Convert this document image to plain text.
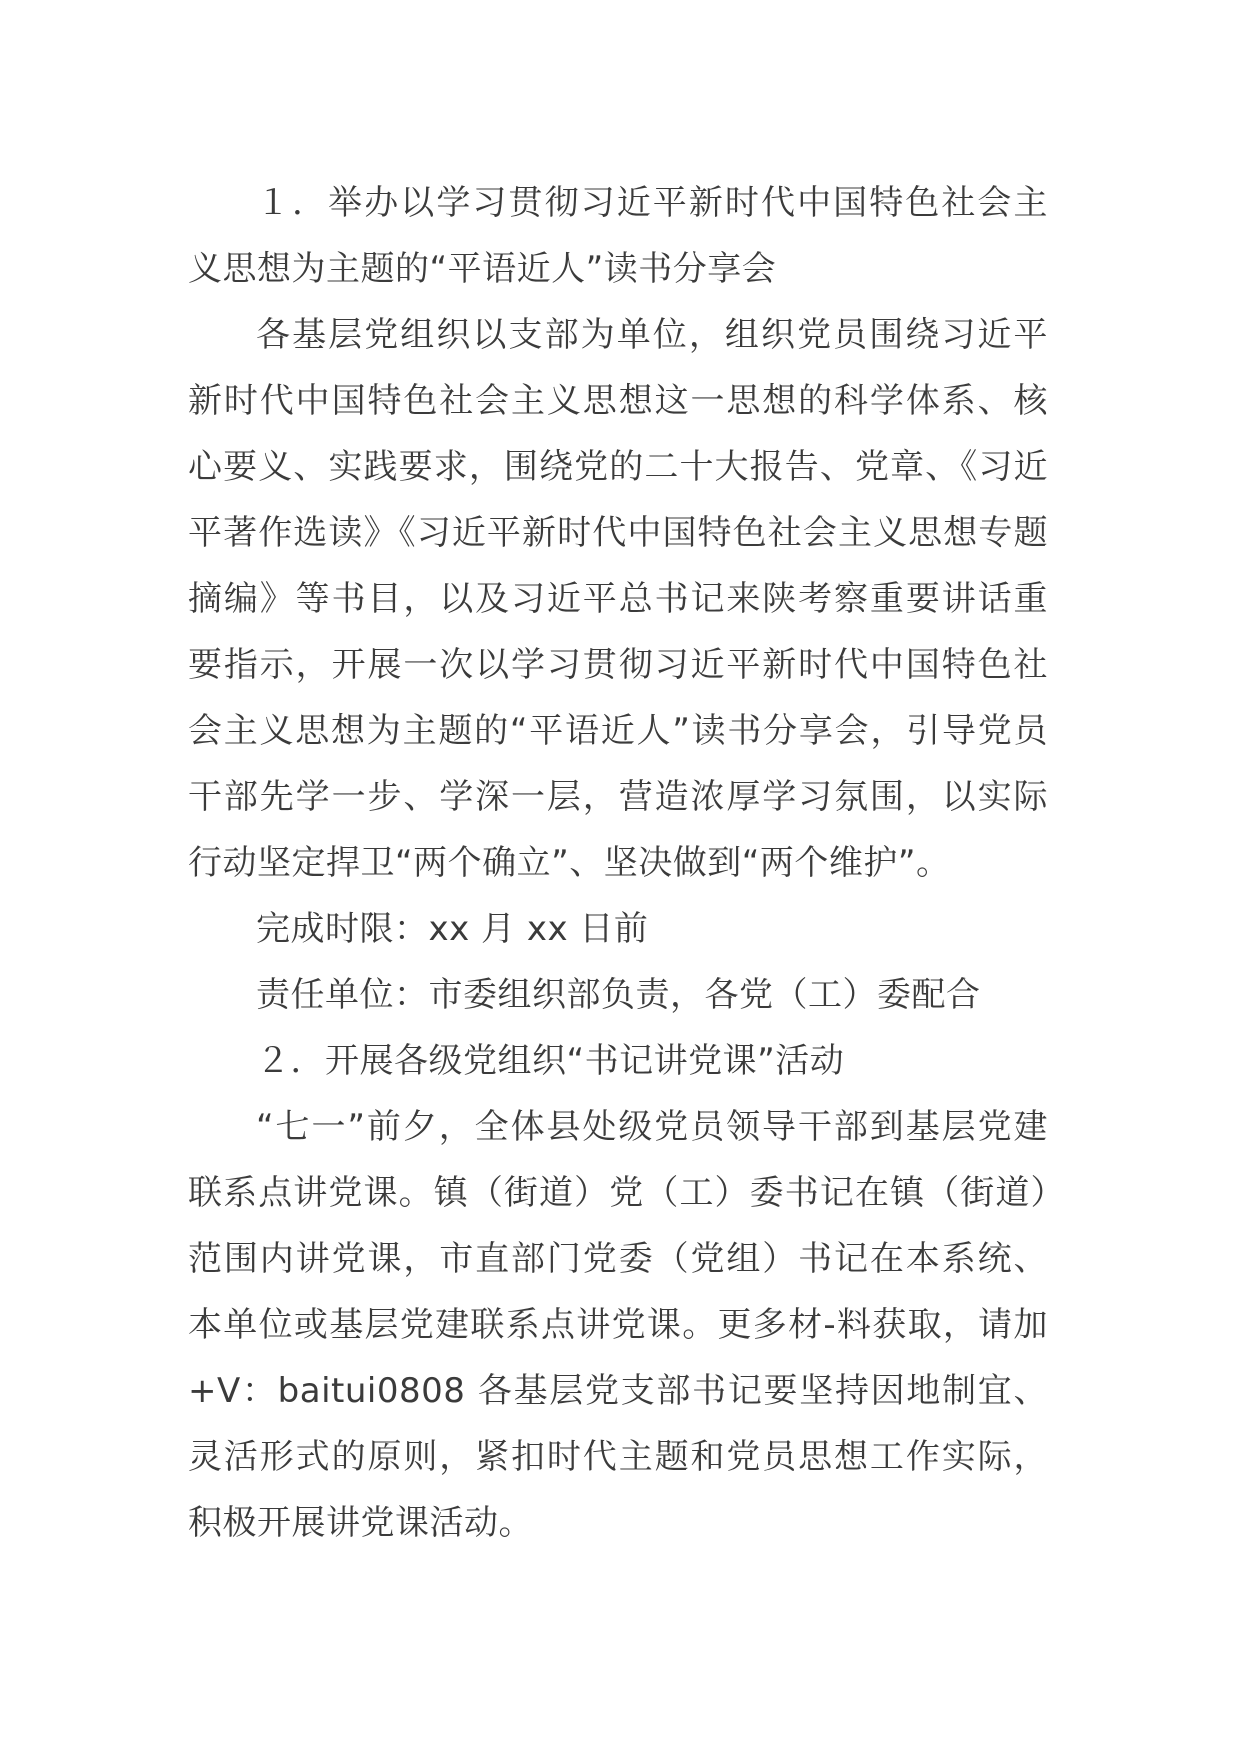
１．举办以学习贯彻习近平新时代中国特色社会主义思想为主题的“平语近人”读书分享会

各基层党组织以支部为单位，组织党员围绕习近平新时代中国特色社会主义思想这一思想的科学体系、核心要义、实践要求，围绕党的二十大报告、党章、《习近平著作选读》《习近平新时代中国特色社会主义思想专题摘编》等书目，以及习近平总书记来陕考察重要讲话重要指示，开展一次以学习贯彻习近平新时代中国特色社会主义思想为主题的“平语近人”读书分享会，引导党员干部先学一步、学深一层，营造浓厚学习氛围，以实际行动坚定捍卫“两个确立”、坚决做到“两个维护”。

完成时限：xx 月 xx 日前

责任单位：市委组织部负责，各党（工）委配合

２．开展各级党组织“书记讲党课”活动

“七一”前夕，全体县处级党员领导干部到基层党建联系点讲党课。镇（街道）党（工）委书记在镇（街道）范围内讲党课，市直部门党委（党组）书记在本系统、本单位或基层党建联系点讲党课。更多材-料获取，请加+V：baitui0808 各基层党支部书记要坚持因地制宜、灵活形式的原则，紧扣时代主题和党员思想工作实际，积极开展讲党课活动。
